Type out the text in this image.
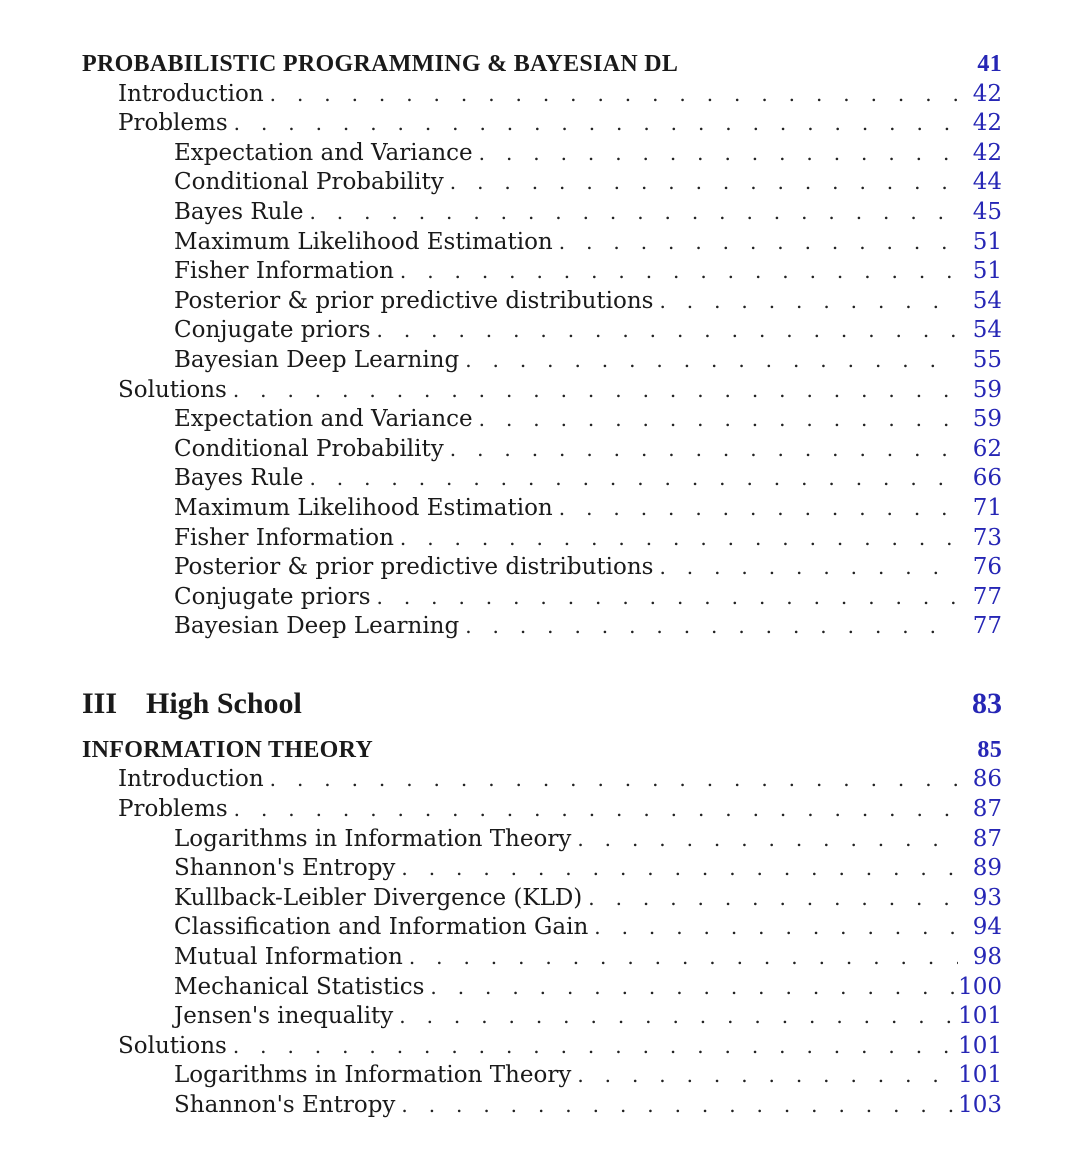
PROBABILISTIC PROGRAMMING & BAYESIAN DL	41
Introduction . . .	42
Problems . . .	42
Expectation and Variance . . .	42
Conditional Probability . . .	44
Bayes Rule . . .	45
Maximum Likelihood Estimation . . .	51
Fisher Information . . .	51
Posterior & prior predictive distributions . . .	54
Conjugate priors . . .	54
Bayesian Deep Learning . . .	55
Solutions . . .	59
Expectation and Variance . . .	59
Conditional Probability . . .	62
Bayes Rule . . .	66
Maximum Likelihood Estimation . . .	71
Fisher Information . . .	73
Posterior & prior predictive distributions . . .	76
Conjugate priors . . .	77
Bayesian Deep Learning . . .	77
III High School	83
INFORMATION THEORY	85
Introduction . . .	86
Problems . . .	87
Logarithms in Information Theory . . .	87
Shannon's Entropy . . .	89
Kullback-Leibler Divergence (KLD) . . .	93
Classification and Information Gain . . .	94
Mutual Information . . .	98
Mechanical Statistics . . .	100
Jensen's inequality . . .	101
Solutions . . .	101
Logarithms in Information Theory . . .	101
Shannon's Entropy . . .	103
